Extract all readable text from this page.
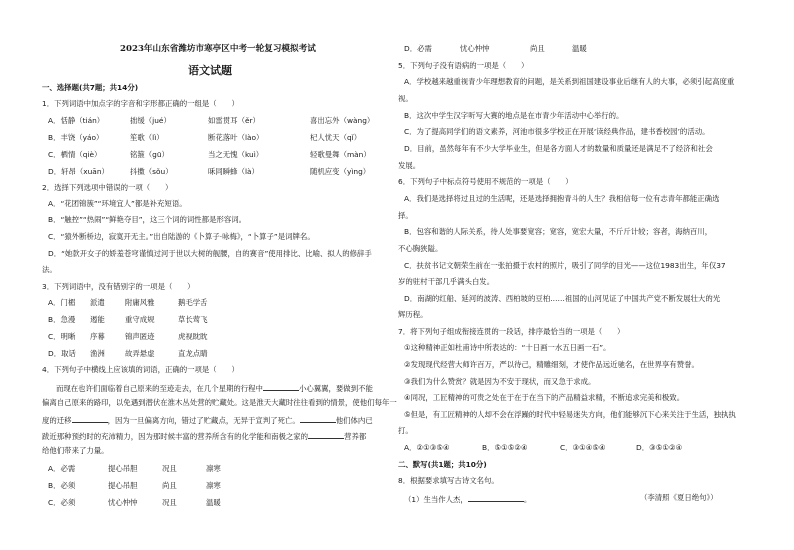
2023年山东省潍坊市寒亭区中考一轮复习模拟考试
语文试题
一、选择题(共7题；共14分)
1．下列词语中加点字的字音和字形都正确的一组是（　　）
A．恬静（tián）	拙缓（jué）	如雷贯耳（ěr）	喜出忘外（wàng）
B．丰饶（yáo）	笙歌（lì）	断花落叶（lào）	杞人忧天（qǐ）
C．栖情（qiè）	铭箍（gū）	当之无愧（kuì）	轻歌曼舞（màn）
D．轩昂（xuān）	抖擞（sǒu）	咊同瞬蜂（là）	随机应变（yìng）
2．选择下列选项中错误的一项（　　）
A．“花团锦簇”“环境宜人”都是补充短语。
B．“触控”“热闹”“鲜艳夺目”，这三个词的词性都是形容词。
C．“猿外断桥边，寂寞开无主。”出自陆游的《卜算子·咏梅》，“卜算子”是词牌名。
D．“她款开女子的娇羞苍穹谨慎过河于世以大树的舰腰，自的赛音”使用排比、比喻、拟人的修辞手
法。
3．下列词语中，没有错别字的一项是（　　）
A．门楣 派遣	附庸风雅	鹅毛学舌
B．急漫 遏能	重守成规	草长莺飞
C．明晰 序幕	锦声匿迹	虎视眈眈
D．取话 渔洲	故弄悬虚	直龙点睛
4．下列句子中横线上应该填的词语，正确的一项是（　　）
而现在也许们面临着自己原来的至迹走去，在几个星期的行程中	小心翼翼，要做到不能
偏离自己原来的路印，以免遇到潜伏在淮木丛处营的贮藏处。这是淮天大藏时往往看到的情景，使他们每年一
度的迁移	，因为一旦偏离方向，错过了贮藏点，无异于宣判了死亡。	他们体内已
跋近那种预约时的充沛精力，因为那时候丰富的营养所含有的化学能和南极之家的	营养都
给他们带来了力量。
A．必需	提心吊胆	况且	凛寒
B．必须	提心吊胆	尚且	凛寒
C．必须	忧心忡忡	况且	温暖
D．必需	忧心忡忡	尚且	温暖
5．下列句子没有语病的一项是（　　）
A．学校越来越重视青少年理想教育的问题，是关系到祖国建设事业后继有人的大事，必须引起高度重
视。
B．这次中学生汉字听写大赛的地点是在市青少年活动中心举行的。
C．为了提高同学们的语文素养，河池市很多学校正在开展‘读经典作品，建书香校园’的活动。
D．目前，虽然每年有不少大学毕业生，但是各方面人才的数量和质量还是满足不了经济和社会
发展。
6．下列句子中标点符号使用不规范的一项是（　　）
A．我们是选择将过且过的生活呢，还是选择拥抱青斗的人生？我相信每一位有志青年都能正确选
择。
B．包容和谐的人际关系，待人处事要宽容；宽容，宽宏大量，不斤斤计较；容者，海纳百川，
不心胸狭隘。
C．扶贫书记文朝荣生前在一张拍摄于农村的照片，吸引了同学的目光——这位1983出生，年仅37
岁的驻村干部几乎满头白发。
D．南湖的红船、延河的波涛、西柏坡的豆柏……祖国的山河见证了中国共产党不断发展壮大的光
辉历程。
7．将下列句子组成衔接连贯的一段话，排序最恰当的一项是（　　）
①这种精神正如杜甫诗中所表达的：“十日画一水五日画一石”。
②发现现代经营大师许百万，严以待己，精雕细刻，才使作品远近驰名，在世界享有赞誉。
③我们为什么赞赏？就是因为不安于现状，而又急于求成。
④同况，工匠精神的可贵之处在于在于在当下的产品精益求精，不断追求完美和极致。
⑤但是，有工匠精神的人却不会在浮躁的时代中轻易迷失方向，他们能够沉下心来关注于生活，独执执
打。
A．②①③⑤④	B．⑤①⑤②④	C．③①④⑤④	D．③⑤①②④
二、默写(共1题；共10分)
8．根据要求填写古诗文名句。
（1）生当作人杰，	。	（李清照《夏日绝句》）
